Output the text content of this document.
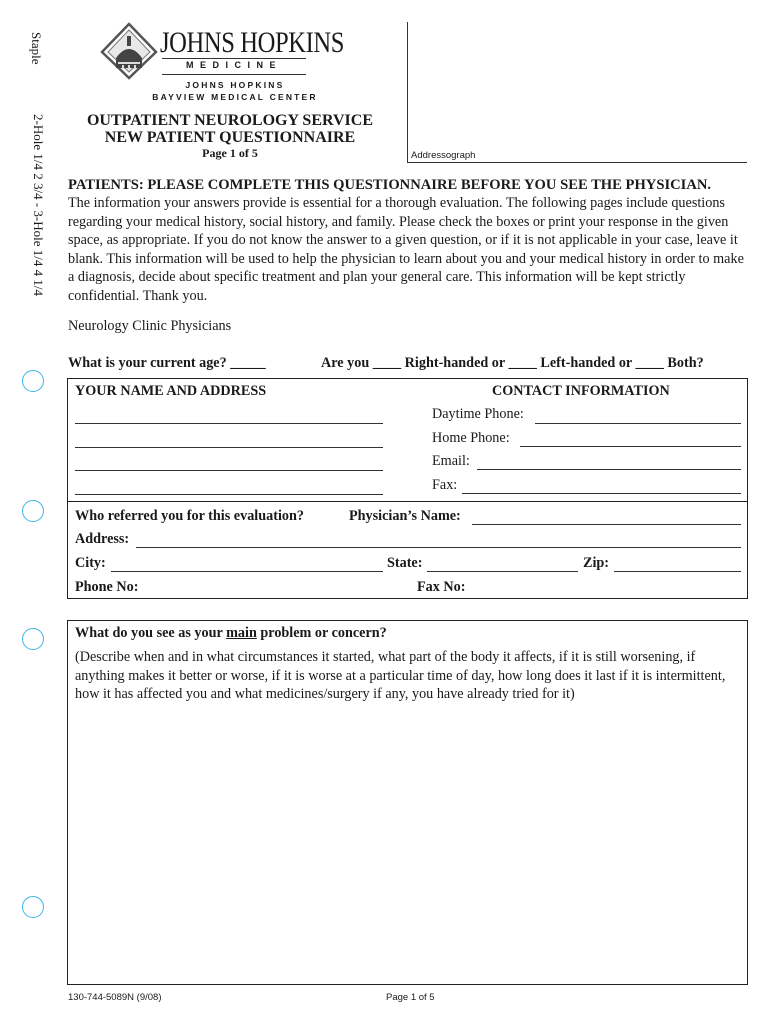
Staple
2-Hole 1/4 2 3/4 - 3-Hole 1/4 4 1/4
JOHNS HOPKINS
MEDICINE
JOHNS HOPKINS
BAYVIEW MEDICAL CENTER
OUTPATIENT NEUROLOGY SERVICE
NEW PATIENT QUESTIONNAIRE
Page 1 of 5	Addressograph
PATIENTS: PLEASE COMPLETE THIS QUESTIONNAIRE BEFORE YOU SEE THE PHYSICIAN.
The information your answers provide is essential for a thorough evaluation. The following pages include questions regarding your medical history, social history, and family. Please check the boxes or print your response in the given space, as appropriate. If you do not know the answer to a given question, or if it is not applicable in your case, leave it blank. This information will be used to help the physician to learn about you and your medical history in order to make a diagnosis, decide about specific treatment and plan your general care. This information will be kept strictly confidential. Thank you.
Neurology Clinic Physicians
What is your current age? _____	Are you ____ Right-handed or ____ Left-handed or ____ Both?
YOUR NAME AND ADDRESS	CONTACT INFORMATION
Daytime Phone:
Home Phone:
Email:
Fax:
Who referred you for this evaluation?	Physician’s Name:
Address:
City:	State:	Zip:
Phone No:	Fax No:
What do you see as your main problem or concern?
(Describe when and in what circumstances it started, what part of the body it affects, if it is still worsening, if anything makes it better or worse, if it is worse at a particular time of day, how long does it last if it is intermittent, how it has affected you and what medicines/surgery if any, you have already tried for it)
130-744-5089N (9/08)	Page 1 of 5
